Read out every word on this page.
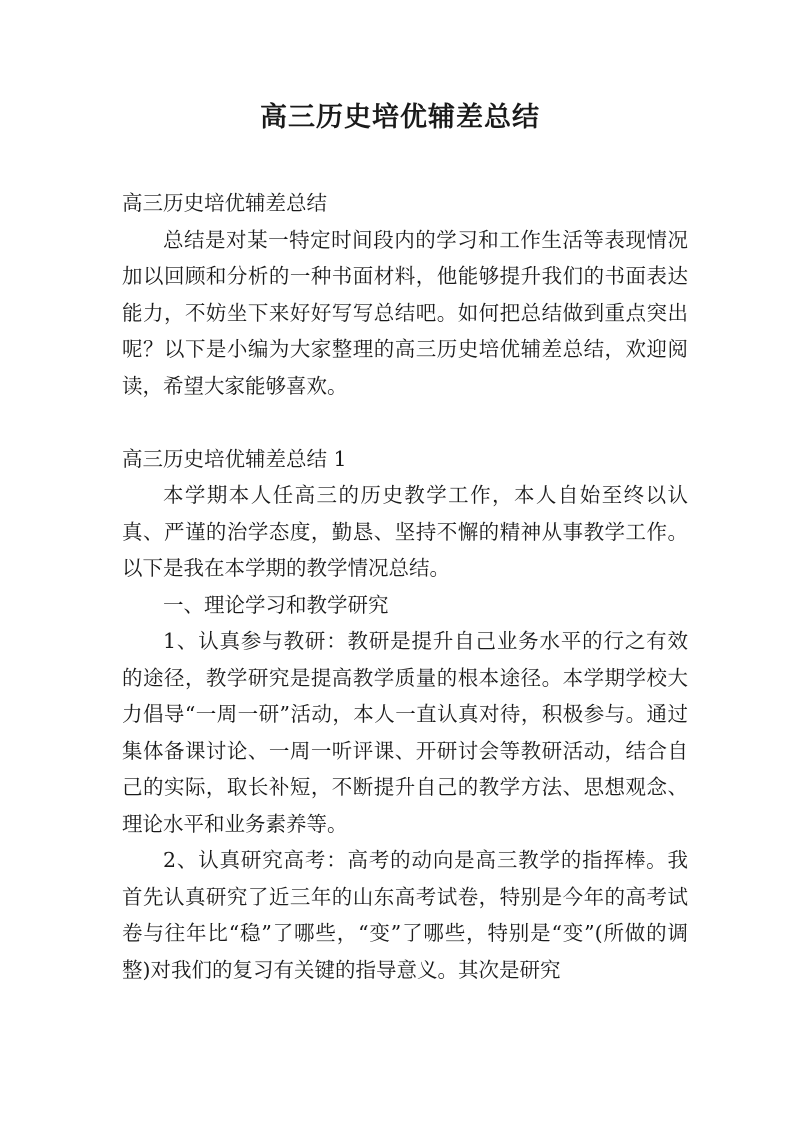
高三历史培优辅差总结

高三历史培优辅差总结

总结是对某一特定时间段内的学习和工作生活等表现情况加以回顾和分析的一种书面材料，他能够提升我们的书面表达能力，不妨坐下来好好写写总结吧。如何把总结做到重点突出呢？以下是小编为大家整理的高三历史培优辅差总结，欢迎阅读，希望大家能够喜欢。

高三历史培优辅差总结 1

本学期本人任高三的历史教学工作，本人自始至终以认真、严谨的治学态度，勤恳、坚持不懈的精神从事教学工作。以下是我在本学期的教学情况总结。

一、理论学习和教学研究

1、认真参与教研：教研是提升自己业务水平的行之有效的途径，教学研究是提高教学质量的根本途径。本学期学校大力倡导“一周一研”活动，本人一直认真对待，积极参与。通过集体备课讨论、一周一听评课、开研讨会等教研活动，结合自己的实际，取长补短，不断提升自己的教学方法、思想观念、理论水平和业务素养等。

2、认真研究高考：高考的动向是高三教学的指挥棒。我首先认真研究了近三年的山东高考试卷，特别是今年的高考试卷与往年比“稳”了哪些，“变”了哪些，特别是“变”(所做的调整)对我们的复习有关键的指导意义。其次是研究
